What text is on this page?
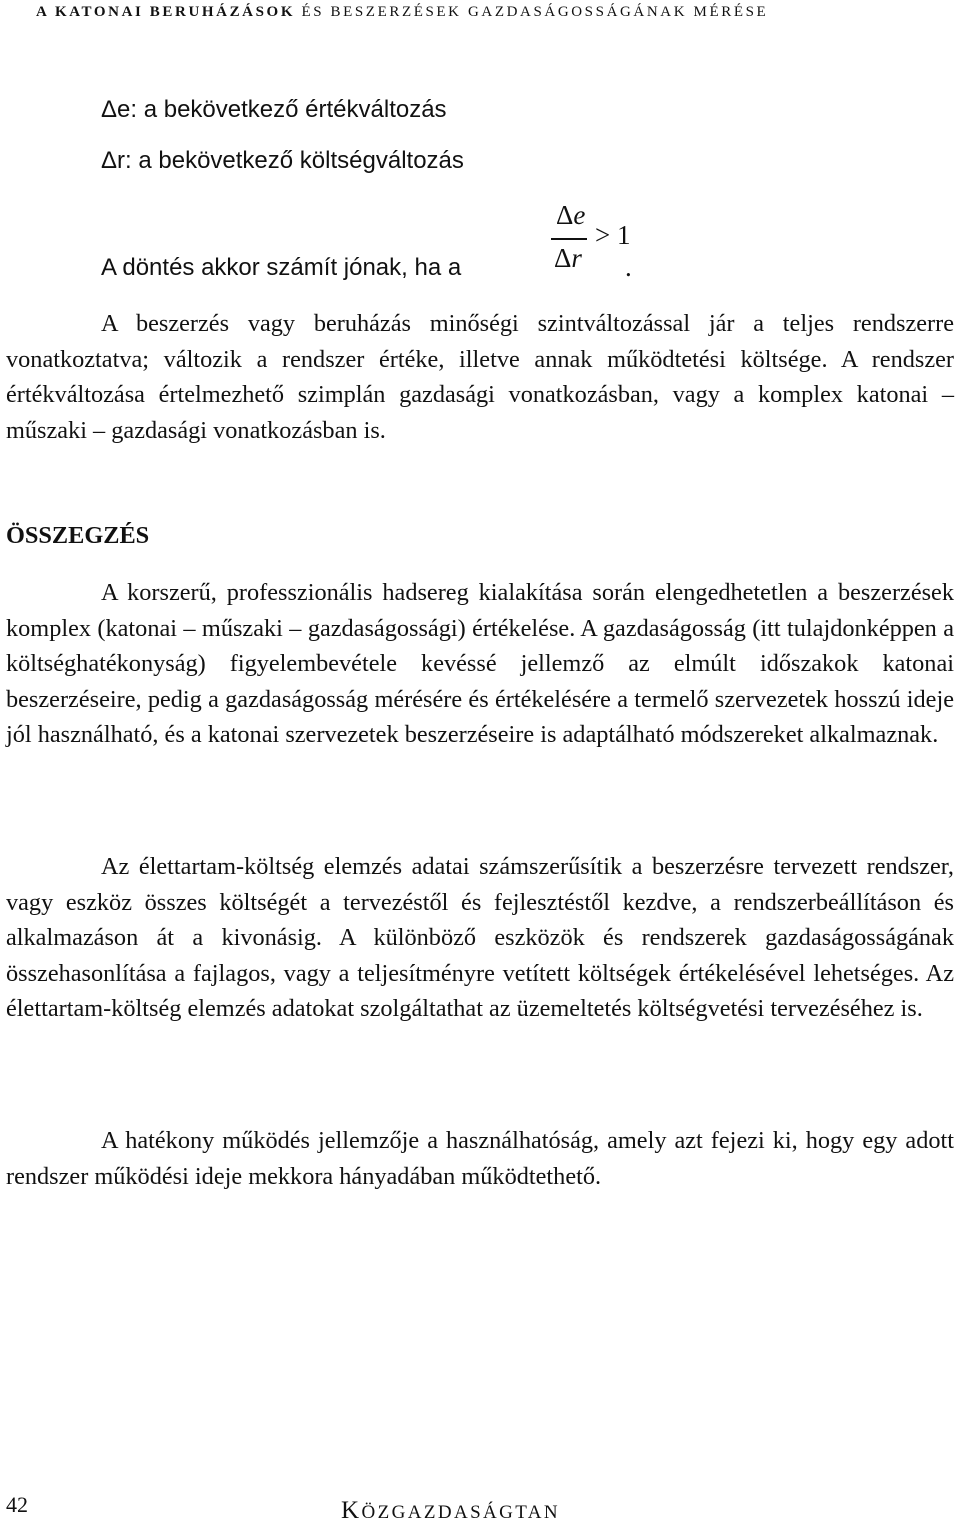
A KATONAI BERUHÁZÁSOK ÉS BESZERZÉSEK GAZDASÁGOSSÁGÁNAK MÉRÉSE
Δe: a bekövetkező értékváltozás
Δr: a bekövetkező költségváltozás
A döntés akkor számít jónak, ha a
Δe
> 1
Δr .

A beszerzés vagy beruházás minőségi szintváltozással jár a teljes rendszerre vonatkoztatva; változik a rendszer értéke, illetve annak működtetési költsége. A rendszer értékváltozása értelmezhető szimplán gazdasági vonatkozásban, vagy a komplex katonai – műszaki – gazdasági vonatkozásban is.

ÖSSZEGZÉS

A korszerű, professzionális hadsereg kialakítása során elengedhetetlen a beszerzések komplex (katonai – műszaki – gazdaságossági) értékelése. A gazdaságosság (itt tulajdonképpen a költséghatékonyság) figyelembevétele kevéssé jellemző az elmúlt időszakok katonai beszerzéseire, pedig a gazdaságosság mérésére és értékelésére a termelő szervezetek hosszú ideje jól használható, és a katonai szervezetek beszerzéseire is adaptálható módszereket alkalmaznak.

Az élettartam-költség elemzés adatai számszerűsítik a beszerzésre tervezett rendszer, vagy eszköz összes költségét a tervezéstől és fejlesztéstől kezdve, a rendszerbeállításon és alkalmazáson át a kivonásig. A különböző eszközök és rendszerek gazdaságosságának összehasonlítása a fajlagos, vagy a teljesítményre vetített költségek értékelésével lehetséges. Az élettartam-költség elemzés adatokat szolgáltathat az üzemeltetés költségvetési tervezéséhez is.

A hatékony működés jellemzője a használhatóság, amely azt fejezi ki, hogy egy adott rendszer működési ideje mekkora hányadában működtethető.

42	KÖZGAZDASÁGTAN
